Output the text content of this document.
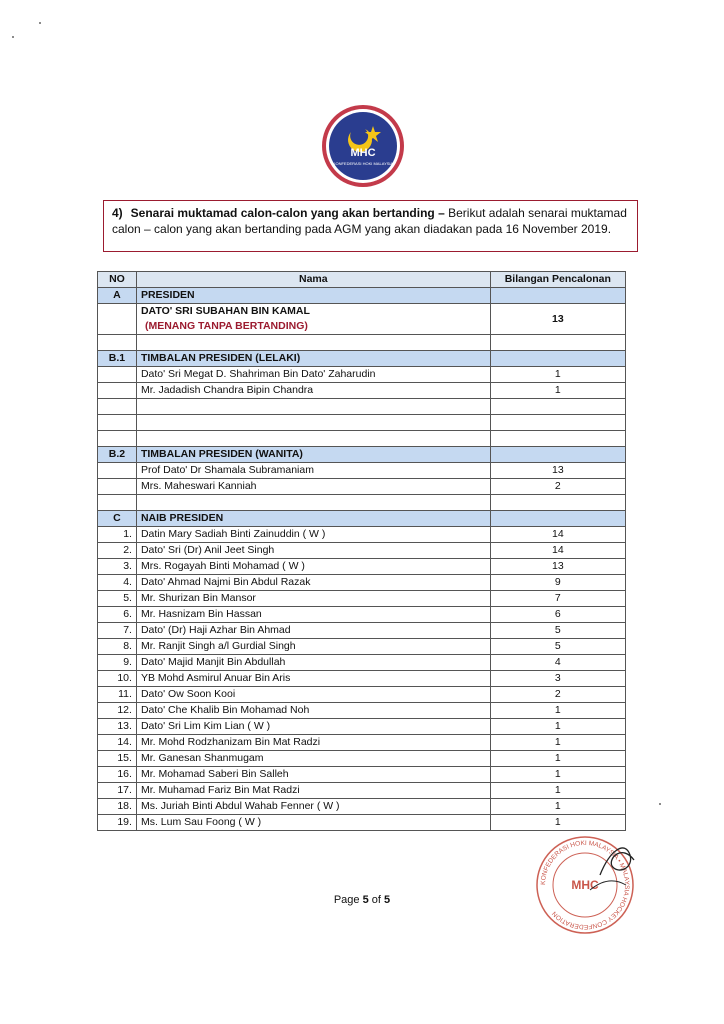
MHC
KONFEDERASI HOKI MALAYSIA
4) Senarai muktamad calon-calon yang akan bertanding – Berikut adalah senarai muktamad calon – calon yang akan bertanding pada AGM yang akan diadakan pada 16 November 2019.
NO	Nama	Bilangan Pencalonan
A	PRESIDEN	

	DATO' SRI SUBAHAN BIN KAMAL
(MENANG TANPA BERTANDING)	13

B.1	TIMBALAN PRESIDEN (LELAKI)	
	Dato' Sri Megat D. Shahriman Bin Dato' Zaharudin	1
	Mr. Jadadish Chandra Bipin Chandra	1

B.2	TIMBALAN PRESIDEN (WANITA)	
	Prof Dato' Dr Shamala Subramaniam	13
	Mrs. Maheswari Kanniah	2

C	NAIB PRESIDEN	
1.	Datin Mary Sadiah Binti Zainuddin ( W )	14
2.	Dato' Sri (Dr) Anil Jeet Singh	14
3.	Mrs. Rogayah Binti Mohamad ( W )	13
4.	Dato' Ahmad Najmi Bin Abdul Razak	9
5.	Mr. Shurizan Bin Mansor	7
6.	Mr. Hasnizam Bin Hassan	6
7.	Dato' (Dr) Haji Azhar Bin Ahmad	5
8.	Mr. Ranjit Singh a/l Gurdial Singh	5
9.	Dato' Majid Manjit Bin Abdullah	4
10.	YB Mohd Asmirul Anuar Bin Aris	3
11.	Dato' Ow Soon Kooi	2
12.	Dato' Che Khalib Bin Mohamad Noh	1
13.	Dato' Sri Lim Kim Lian ( W )	1
14.	Mr. Mohd Rodzhanizam Bin Mat Radzi	1
15.	Mr. Ganesan Shanmugam	1
16.	Mr. Mohamad Saberi Bin Salleh	1
17.	Mr. Muhamad Fariz Bin Mat Radzi	1
18.	Ms. Juriah Binti Abdul Wahab Fenner ( W )	1
19.	Ms. Lum Sau Foong ( W )	1
Page 5 of 5
KONFEDERASI HOKI MALAYSIA • MALAYSIA HOCKEY CONFEDERATION
MHC
